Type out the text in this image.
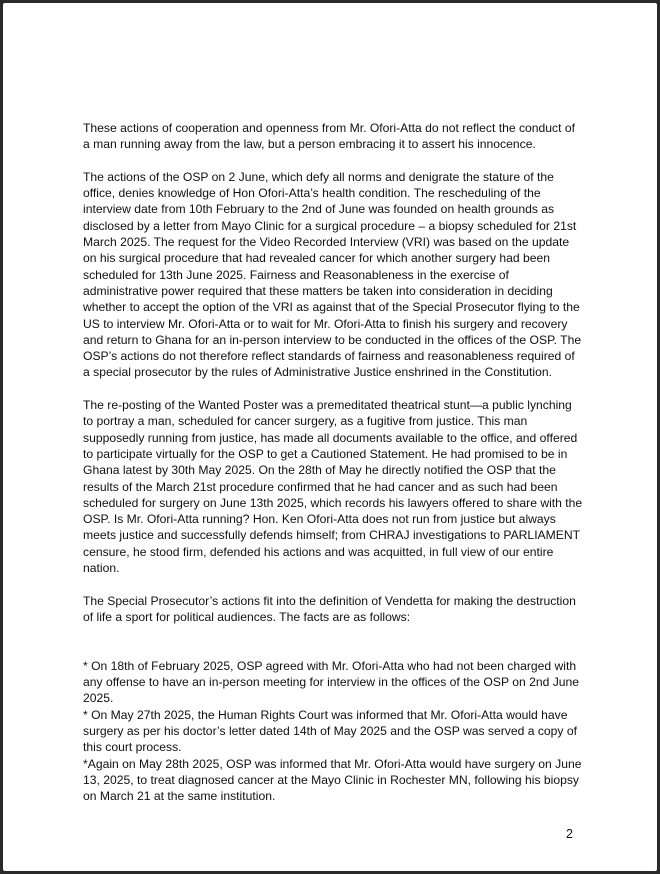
These actions of cooperation and openness from Mr. Ofori-Atta do not reflect the conduct of a man running away from the law, but a person embracing it to assert his innocence.

The actions of the OSP on 2 June, which defy all norms and denigrate the stature of the office, denies knowledge of Hon Ofori-Atta’s health condition. The rescheduling of the interview date from 10th February to the 2nd of June was founded on health grounds as disclosed by a letter from Mayo Clinic for a surgical procedure – a biopsy scheduled for 21st March 2025. The request for the Video Recorded Interview (VRI) was based on the update on his surgical procedure that had revealed cancer for which another surgery had been scheduled for 13th June 2025. Fairness and Reasonableness in the exercise of administrative power required that these matters be taken into consideration in deciding whether to accept the option of the VRI as against that of the Special Prosecutor flying to the US to interview Mr. Ofori-Atta or to wait for Mr. Ofori-Atta to finish his surgery and recovery and return to Ghana for an in-person interview to be conducted in the offices of the OSP. The OSP’s actions do not therefore reflect standards of fairness and reasonableness required of a special prosecutor by the rules of Administrative Justice enshrined in the Constitution.

The re-posting of the Wanted Poster was a premeditated theatrical stunt—a public lynching to portray a man, scheduled for cancer surgery, as a fugitive from justice. This man supposedly running from justice, has made all documents available to the office, and offered to participate virtually for the OSP to get a Cautioned Statement. He had promised to be in Ghana latest by 30th May 2025. On the 28th of May he directly notified the OSP that the results of the March 21st procedure confirmed that he had cancer and as such had been scheduled for surgery on June 13th 2025, which records his lawyers offered to share with the OSP. Is Mr. Ofori-Atta running? Hon. Ken Ofori-Atta does not run from justice but always meets justice and successfully defends himself; from CHRAJ investigations to PARLIAMENT censure, he stood firm, defended his actions and was acquitted, in full view of our entire nation.

The Special Prosecutor’s actions fit into the definition of Vendetta for making the destruction of life a sport for political audiences. The facts are as follows:

* On 18th of February 2025, OSP agreed with Mr. Ofori-Atta who had not been charged with any offense to have an in-person meeting for interview in the offices of the OSP on 2nd June 2025.

* On May 27th 2025, the Human Rights Court was informed that Mr. Ofori-Atta would have surgery as per his doctor’s letter dated 14th of May 2025 and the OSP was served a copy of this court process.

*Again on May 28th 2025, OSP was informed that Mr. Ofori-Atta would have surgery on June 13, 2025, to treat diagnosed cancer at the Mayo Clinic in Rochester MN, following his biopsy on March 21 at the same institution.

2
